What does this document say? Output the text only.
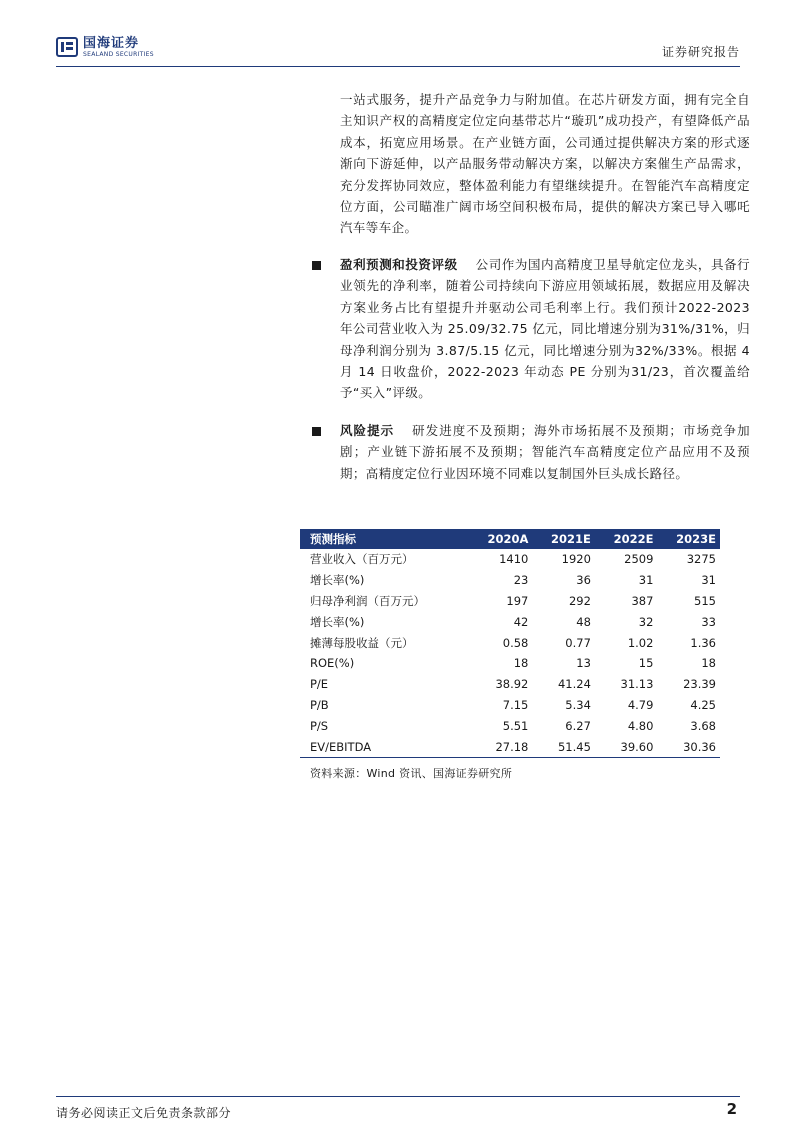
国海证券
SEALAND SECURITIES	证券研究报告
一站式服务，提升产品竞争力与附加值。在芯片研发方面，拥有完全自主知识产权的高精度定位定向基带芯片“璇玑”成功投产，有望降低产品成本，拓宽应用场景。在产业链方面，公司通过提供解决方案的形式逐渐向下游延伸，以产品服务带动解决方案，以解决方案催生产品需求，充分发挥协同效应，整体盈利能力有望继续提升。在智能汽车高精度定位方面，公司瞄准广阔市场空间积极布局，提供的解决方案已导入哪吒汽车等车企。
盈利预测和投资评级 公司作为国内高精度卫星导航定位龙头，具备行业领先的净利率，随着公司持续向下游应用领域拓展，数据应用及解决方案业务占比有望提升并驱动公司毛利率上行。我们预计2022-2023 年公司营业收入为 25.09/32.75 亿元，同比增速分别为31%/31%，归母净利润分别为 3.87/5.15 亿元，同比增速分别为32%/33%。根据 4 月 14 日收盘价，2022-2023 年动态 PE 分别为31/23，首次覆盖给予“买入”评级。
风险提示 研发进度不及预期；海外市场拓展不及预期；市场竞争加剧；产业链下游拓展不及预期；智能汽车高精度定位产品应用不及预期；高精度定位行业因环境不同难以复制国外巨头成长路径。
预测指标	2020A	2021E	2022E	2023E
营业收入（百万元）	1410	1920	2509	3275
增长率(%)	23	36	31	31
归母净利润（百万元）	197	292	387	515
增长率(%)	42	48	32	33
摊薄每股收益（元）	0.58	0.77	1.02	1.36
ROE(%)	18	13	15	18
P/E	38.92	41.24	31.13	23.39
P/B	7.15	5.34	4.79	4.25
P/S	5.51	6.27	4.80	3.68
EV/EBITDA	27.18	51.45	39.60	30.36
资料来源：Wind 资讯、国海证券研究所
请务必阅读正文后免责条款部分	2
